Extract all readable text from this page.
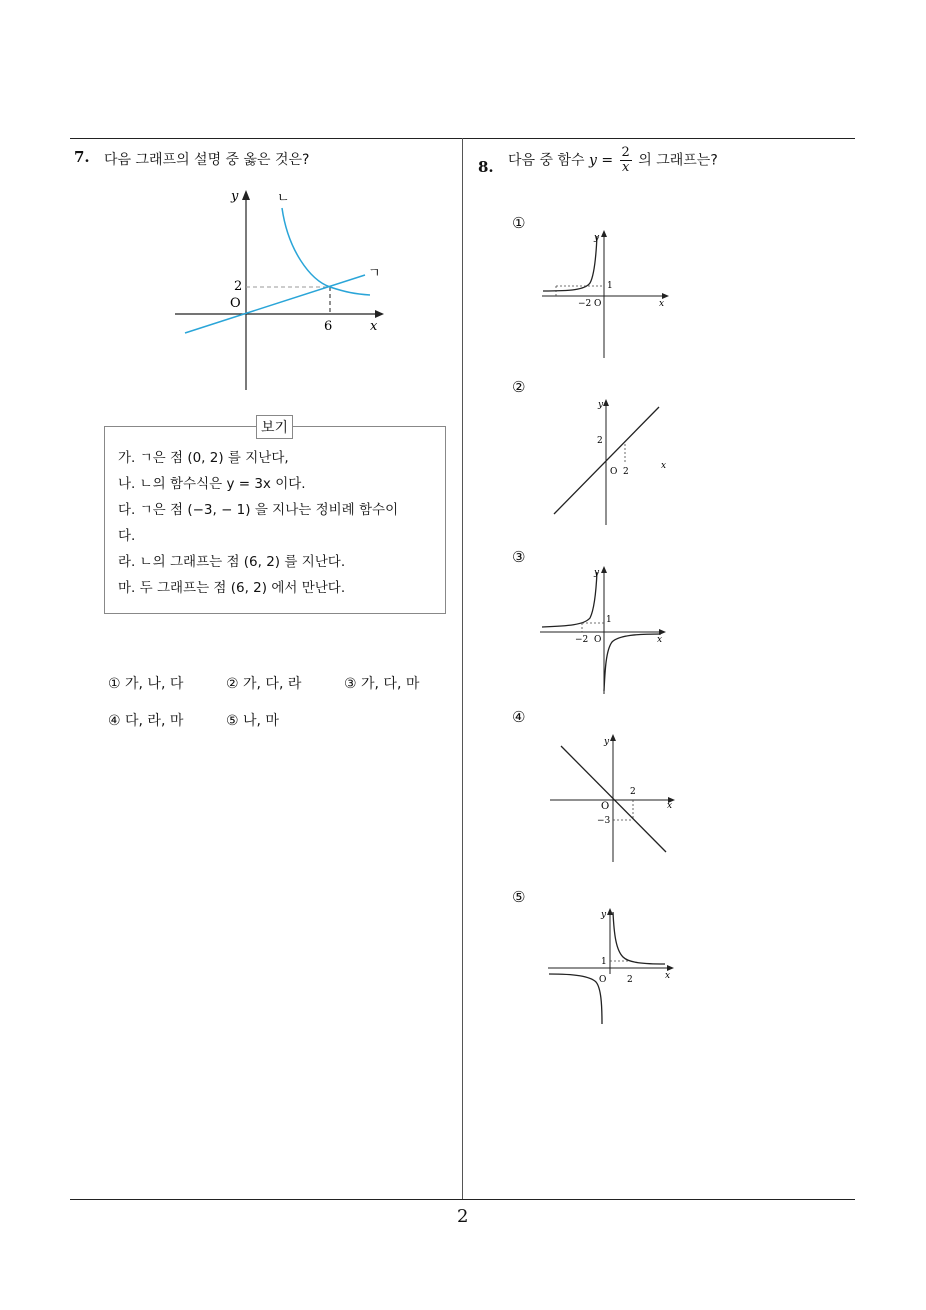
7. 다음 그래프의 설명 중 옳은 것은?
y
x
O
2
6
ㄱ
ㄴ
보기
가. ㄱ은 점 (0, 2) 를 지난다,
나. ㄴ의 함수식은 y = 3x 이다.
다. ㄱ은 점 (−3, − 1) 을 지나는 정비례 함수이
다.
라. ㄴ의 그래프는 점 (6, 2) 를 지난다.
마. 두 그래프는 점 (6, 2) 에서 만난다.
① 가, 나, 다	② 가, 다, 라	③ 가, 다, 마
④ 다, 라, 마	⑤ 나, 마
8. 다음 중 함수 $y = \frac{2}{x}$ 의 그래프는?
①
y
x
O
1
−2
②
y
x
O
2
2
③
y
x
O
1
−2
④
y
x
O
2
−3
⑤
y
x
O
1
2
2
